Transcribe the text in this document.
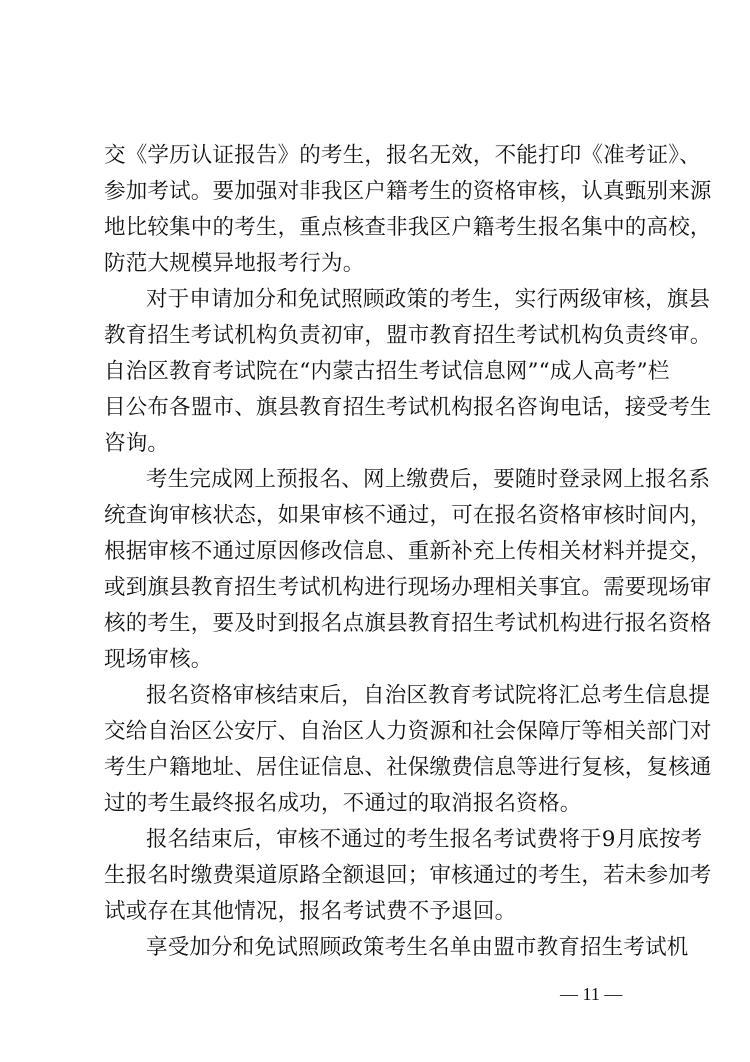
交《学历认证报告》的考生，报名无效，不能打印《准考证》、
参加考试。要加强对非我区户籍考生的资格审核，认真甄别来源
地比较集中的考生，重点核查非我区户籍考生报名集中的高校，
防范大规模异地报考行为。
对于申请加分和免试照顾政策的考生，实行两级审核，旗县
教育招生考试机构负责初审，盟市教育招生考试机构负责终审。
自治区教育考试院在“内蒙古招生考试信息网”“成人高考”栏
目公布各盟市、旗县教育招生考试机构报名咨询电话，接受考生
咨询。
考生完成网上预报名、网上缴费后，要随时登录网上报名系
统查询审核状态，如果审核不通过，可在报名资格审核时间内，
根据审核不通过原因修改信息、重新补充上传相关材料并提交，
或到旗县教育招生考试机构进行现场办理相关事宜。需要现场审
核的考生，要及时到报名点旗县教育招生考试机构进行报名资格
现场审核。
报名资格审核结束后，自治区教育考试院将汇总考生信息提
交给自治区公安厅、自治区人力资源和社会保障厅等相关部门对
考生户籍地址、居住证信息、社保缴费信息等进行复核，复核通
过的考生最终报名成功，不通过的取消报名资格。
报名结束后，审核不通过的考生报名考试费将于9月底按考
生报名时缴费渠道原路全额退回；审核通过的考生，若未参加考
试或存在其他情况，报名考试费不予退回。
享受加分和免试照顾政策考生名单由盟市教育招生考试机
— 11 —
